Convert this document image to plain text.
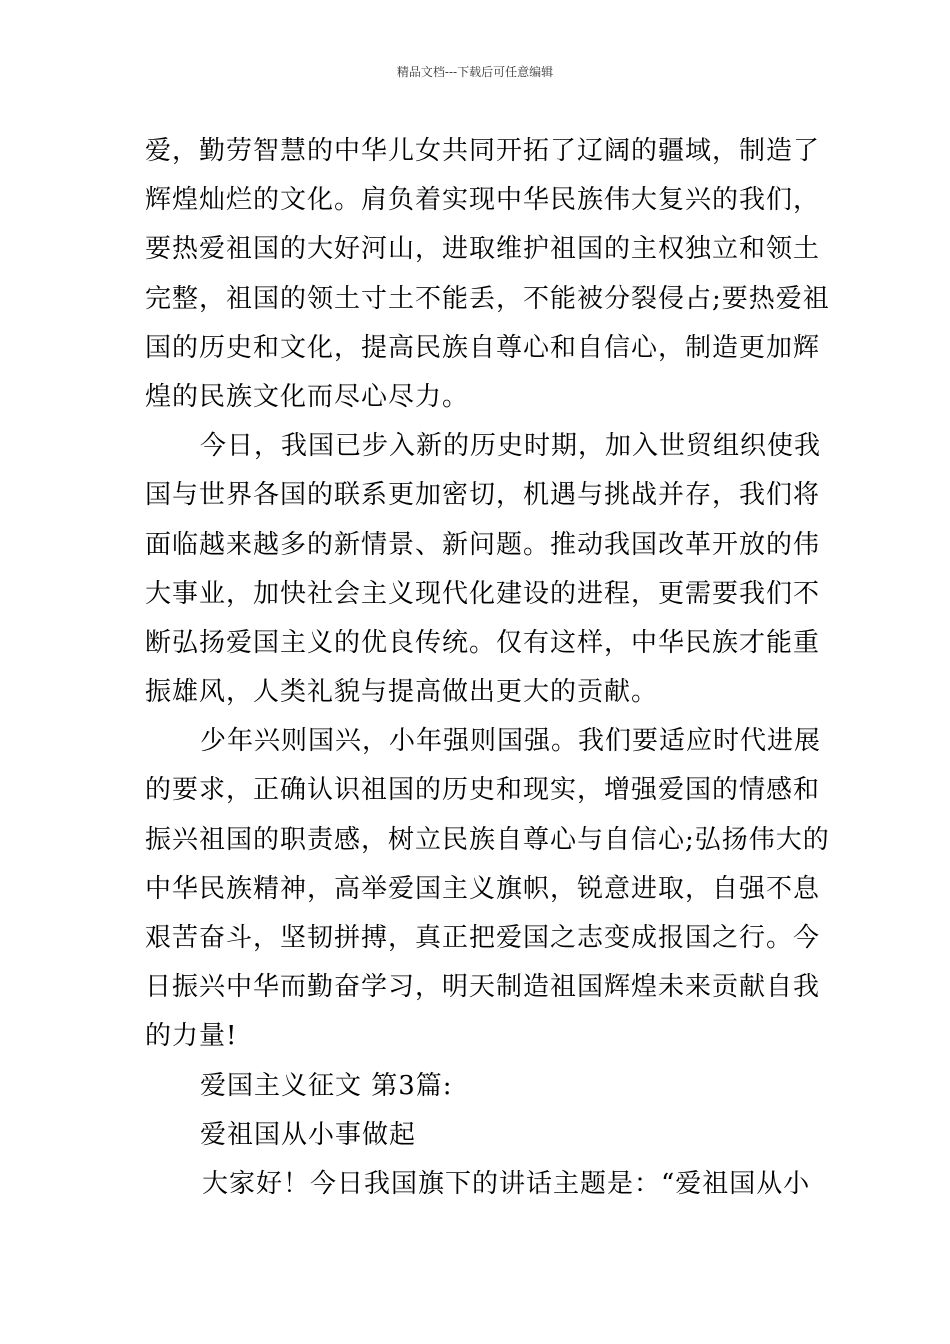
精品文档---下载后可任意编辑
爱，勤劳智慧的中华儿女共同开拓了辽阔的疆域，制造了
辉煌灿烂的文化。肩负着实现中华民族伟大复兴的我们，
要热爱祖国的大好河山，进取维护祖国的主权独立和领土
完整，祖国的领土寸土不能丢，不能被分裂侵占;要热爱祖
国的历史和文化，提高民族自尊心和自信心，制造更加辉
煌的民族文化而尽心尽力。
今日，我国已步入新的历史时期，加入世贸组织使我
国与世界各国的联系更加密切，机遇与挑战并存，我们将
面临越来越多的新情景、新问题。推动我国改革开放的伟
大事业，加快社会主义现代化建设的进程，更需要我们不
断弘扬爱国主义的优良传统。仅有这样，中华民族才能重
振雄风，人类礼貌与提高做出更大的贡献。
少年兴则国兴，小年强则国强。我们要适应时代进展
的要求，正确认识祖国的历史和现实，增强爱国的情感和
振兴祖国的职责感，树立民族自尊心与自信心;弘扬伟大的
中华民族精神，高举爱国主义旗帜，锐意进取，自强不息
艰苦奋斗，坚韧拼搏，真正把爱国之志变成报国之行。今
日振兴中华而勤奋学习，明天制造祖国辉煌未来贡献自我
的力量!
爱国主义征文 第3篇:
爱祖国从小事做起
大家好！今日我国旗下的讲话主题是：“爱祖国从小
